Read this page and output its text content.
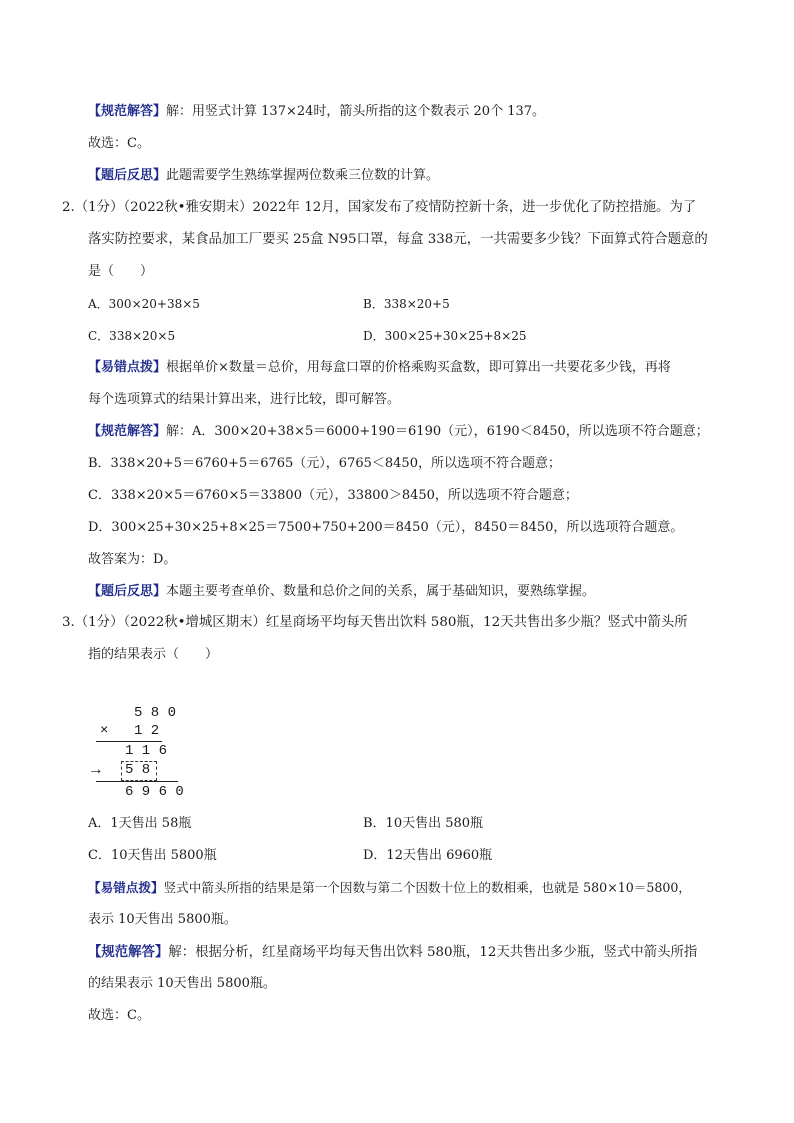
【规范解答】解：用竖式计算 137×24时，箭头所指的这个数表示 20个 137。
故选：C。
【题后反思】此题需要学生熟练掌握两位数乘三位数的计算。
2.（1分）（2022秋•雅安期末）2022年 12月，国家发布了疫情防控新十条，进一步优化了防控措施。为了
落实防控要求，某食品加工厂要买 25盒 N95口罩，每盒 338元，一共需要多少钱？下面算式符合题意的
是（　　）
A．300×20+38×5	B．338×20+5
C．338×20×5	D．300×25+30×25+8×25
【易错点拨】根据单价×数量＝总价，用每盒口罩的价格乘购买盒数，即可算出一共要花多少钱，再将
每个选项算式的结果计算出来，进行比较，即可解答。
【规范解答】解：A．300×20+38×5＝6000+190＝6190（元），6190＜8450，所以选项不符合题意；
B．338×20+5＝6760+5＝6765（元），6765＜8450，所以选项不符合题意；
C．338×20×5＝6760×5＝33800（元），33800＞8450，所以选项不符合题意；
D．300×25+30×25+8×25＝7500+750+200＝8450（元），8450＝8450，所以选项符合题意。
故答案为：D。
【题后反思】本题主要考查单价、数量和总价之间的关系，属于基础知识，要熟练掌握。
3.（1分）（2022秋•增城区期末）红星商场平均每天售出饮料 580瓶，12天共售出多少瓶？竖式中箭头所
指的结果表示（　　）
5 8 0
× 1 2
1 1 6
→ 5 8
6 9 6 0
A．1天售出 58瓶	B．10天售出 580瓶
C．10天售出 5800瓶	D．12天售出 6960瓶
【易错点拨】竖式中箭头所指的结果是第一个因数与第二个因数十位上的数相乘，也就是 580×10＝5800，
表示 10天售出 5800瓶。
【规范解答】解：根据分析，红星商场平均每天售出饮料 580瓶，12天共售出多少瓶，竖式中箭头所指
的结果表示 10天售出 5800瓶。
故选：C。
